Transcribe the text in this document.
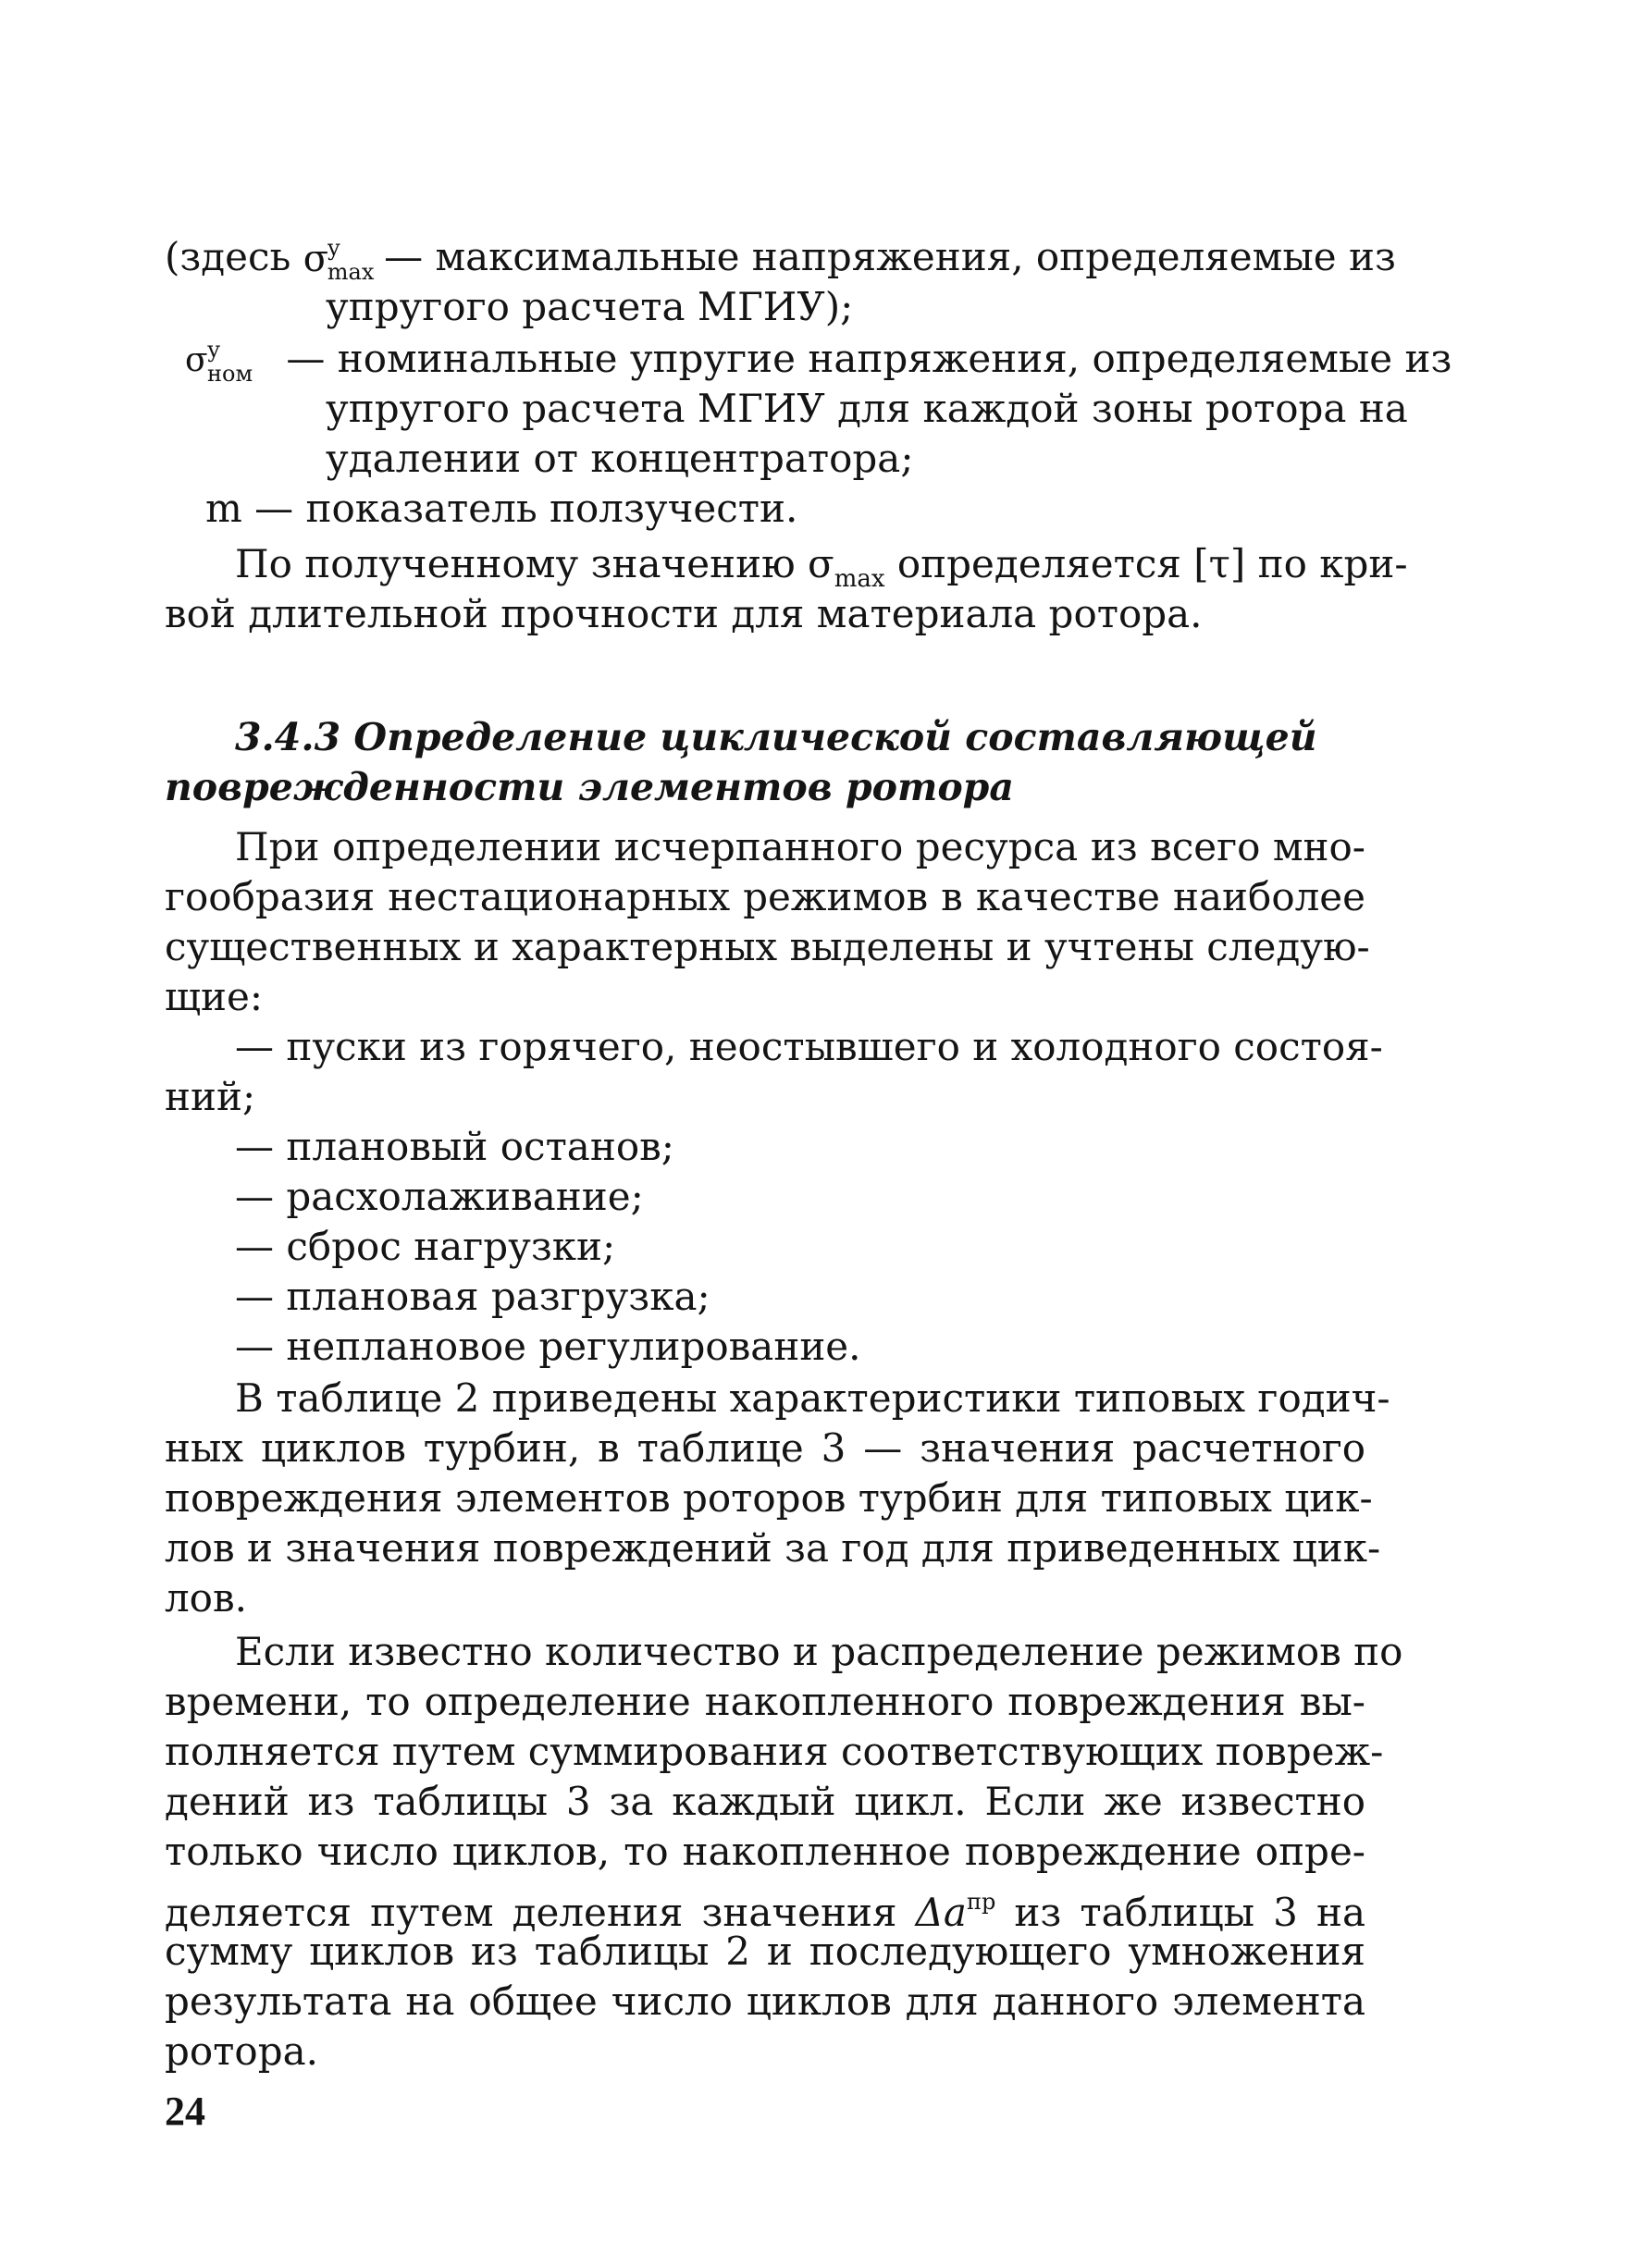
(здесь σ
у
max
— максимальные напряжения, определяемые из
упругого расчета МГИУ);
σ у
ном — номинальные упругие напряжения, определяемые из
упругого расчета МГИУ для каждой зоны ротора на
удалении от концентратора;
m — показатель ползучести.
По полученному значению $\sigma_{max}$ определяется [τ] по кри-
вой длительной прочности для материала ротора.
3.4.3 Определение циклической составляющей
поврежденности элементов ротора
При определении исчерпанного ресурса из всего мно-
гообразия нестационарных режимов в качестве наиболее
существенных и характерных выделены и учтены следую-
щие:
— пуски из горячего, неостывшего и холодного состоя-
ний;
— плановый останов;
— расхолаживание;
— сброс нагрузки;
— плановая разгрузка;
— неплановое регулирование.
В таблице 2 приведены характеристики типовых годич-
ных циклов турбин, в таблице 3 — значения расчетного
повреждения элементов роторов турбин для типовых цик-
лов и значения повреждений за год для приведенных цик-
лов.
Если известно количество и распределение режимов по
времени, то определение накопленного повреждения вы-
полняется путем суммирования соответствующих повреж-
дений из таблицы 3 за каждый цикл. Если же известно
только число циклов, то накопленное повреждение опре-
деляется путем деления значения $\Delta a^{пр}$ из таблицы 3 на
сумму циклов из таблицы 2 и последующего умножения
результата на общее число циклов для данного элемента
ротора.
24
